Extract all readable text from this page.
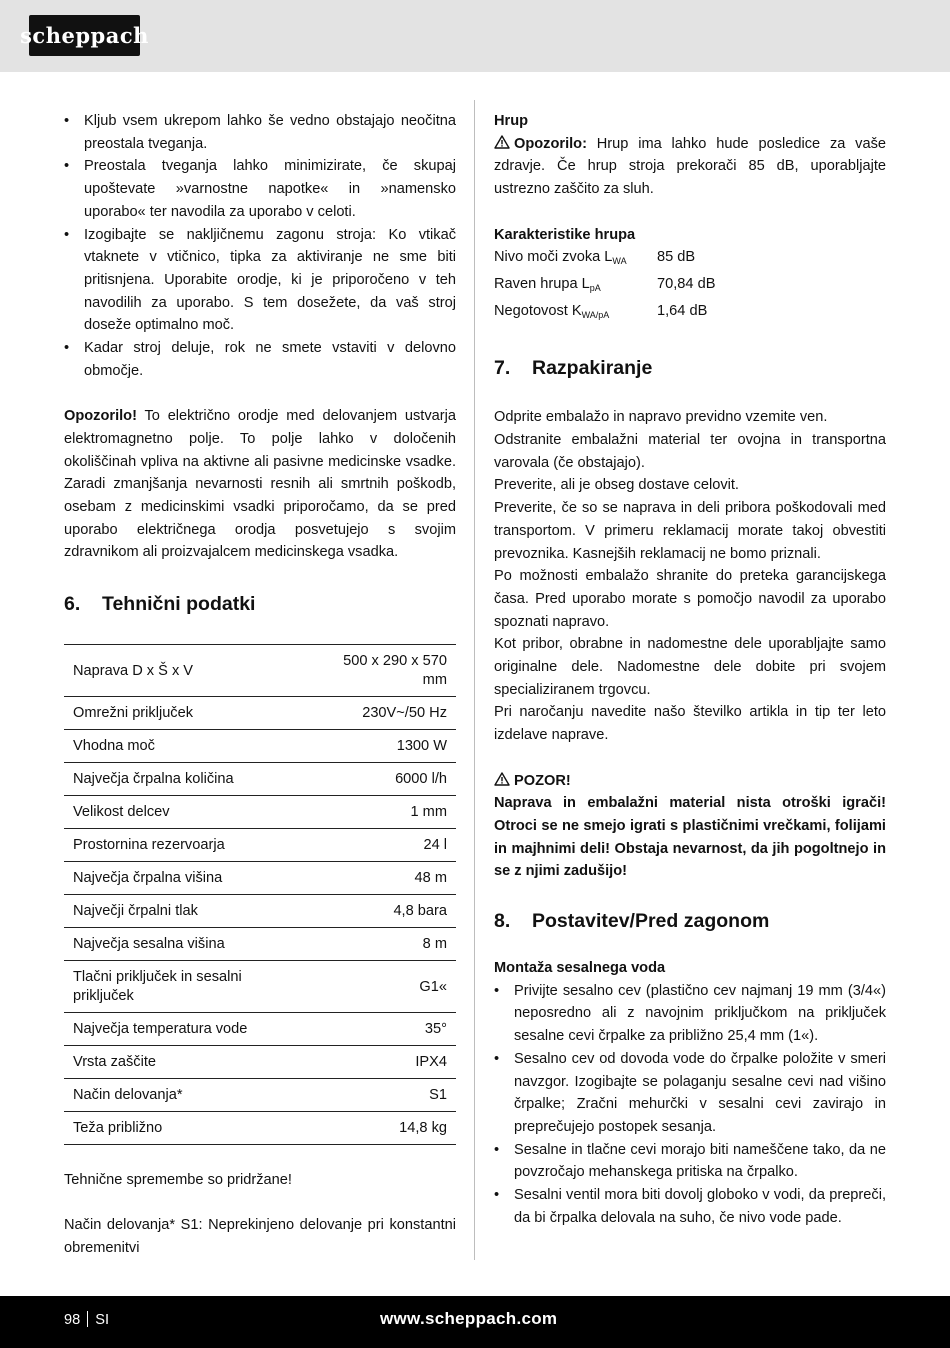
scheppach
• Kljub vsem ukrepom lahko še vedno obstajajo neočitna preostala tveganja.
• Preostala tveganja lahko minimizirate, če skupaj upoštevate »varnostne napotke« in »namensko uporabo« ter navodila za uporabo v celoti.
• Izogibajte se nakljičnemu zagonu stroja: Ko vtikač vtaknete v vtičnico, tipka za aktiviranje ne sme biti pritisnjena. Uporabite orodje, ki je priporočeno v teh navodilih za uporabo. S tem dosežete, da vaš stroj doseže optimalno moč.
• Kadar stroj deluje, rok ne smete vstaviti v delovno območje.

Opozorilo! To električno orodje med delovanjem ustvarja elektromagnetno polje. To polje lahko v določenih okoliščinah vpliva na aktivne ali pasivne medicinske vsadke. Zaradi zmanjšanja nevarnosti resnih ali smrtnih poškodb, osebam z medicinskimi vsadki priporočamo, da se pred uporabo električnega orodja posvetujejo s svojim zdravnikom ali proizvajalcem medicinskega vsadka.

6.	Tehnični podatki
Naprava D x Š x V	500 x 290 x 570 mm
Omrežni priključek	230V~/50 Hz
Vhodna moč	1300 W
Največja črpalna količina	6000 l/h
Velikost delcev	1 mm
Prostornina rezervoarja	24 l
Največja črpalna višina	48 m
Največji črpalni tlak	4,8 bara
Največja sesalna višina	8 m
Tlačni priključek in sesalni priključek	G1«
Največja temperatura vode	35°
Vrsta zaščite	IPX4
Način delovanja*	S1
Teža približno	14,8 kg

Tehnične spremembe so pridržane!

Način delovanja* S1: Neprekinjeno delovanje pri konstantni obremenitvi

Hrup

Opozorilo: Hrup ima lahko hude posledice za vaše zdravje. Če hrup stroja prekorači 85 dB, uporabljajte ustrezno zaščito za sluh.

Karakteristike hrupa

Nivo moči zvoka $L_{WA}$	85 dB
Raven hrupa $L_{pA}$	70,84 dB
Negotovost $K_{WA/pA}$	1,64 dB
7.	Razpakiranje

Odprite embalažo in napravo previdno vzemite ven.

Odstranite embalažni material ter ovojna in transportna varovala (če obstajajo).

Preverite, ali je obseg dostave celovit.

Preverite, če so se naprava in deli pribora poškodovali med transportom. V primeru reklamacij morate takoj obvestiti prevoznika. Kasnejših reklamacij ne bomo priznali.

Po možnosti embalažo shranite do preteka garancijskega časa. Pred uporabo morate s pomočjo navodil za uporabo spoznati napravo.

Kot pribor, obrabne in nadomestne dele uporabljajte samo originalne dele. Nadomestne dele dobite pri svojem specializiranem trgovcu.

Pri naročanju navedite našo številko artikla in tip ter leto izdelave naprave.

POZOR!

Naprava in embalažni material nista otroški igrači! Otroci se ne smejo igrati s plastičnimi vrečkami, folijami in majhnimi deli! Obstaja nevarnost, da jih pogoltnejo in se z njimi zadušijo!

8.	Postavitev/Pred zagonom

Montaža sesalnega voda

• Privijte sesalno cev (plastično cev najmanj 19 mm (3/4«) neposredno ali z navojnim priključkom na priključek sesalne cevi črpalke za približno 25,4 mm (1«).
• Sesalno cev od dovoda vode do črpalke položite v smeri navzgor. Izogibajte se polaganju sesalne cevi nad višino črpalke; Zračni mehurčki v sesalni cevi zavirajo in preprečujejo postopek sesanja.
• Sesalne in tlačne cevi morajo biti nameščene tako, da ne povzročajo mehanskega pritiska na črpalko.
• Sesalni ventil mora biti dovolj globoko v vodi, da prepreči, da bi črpalka delovala na suho, če nivo vode pade.
98 SI	www.scheppach.com
